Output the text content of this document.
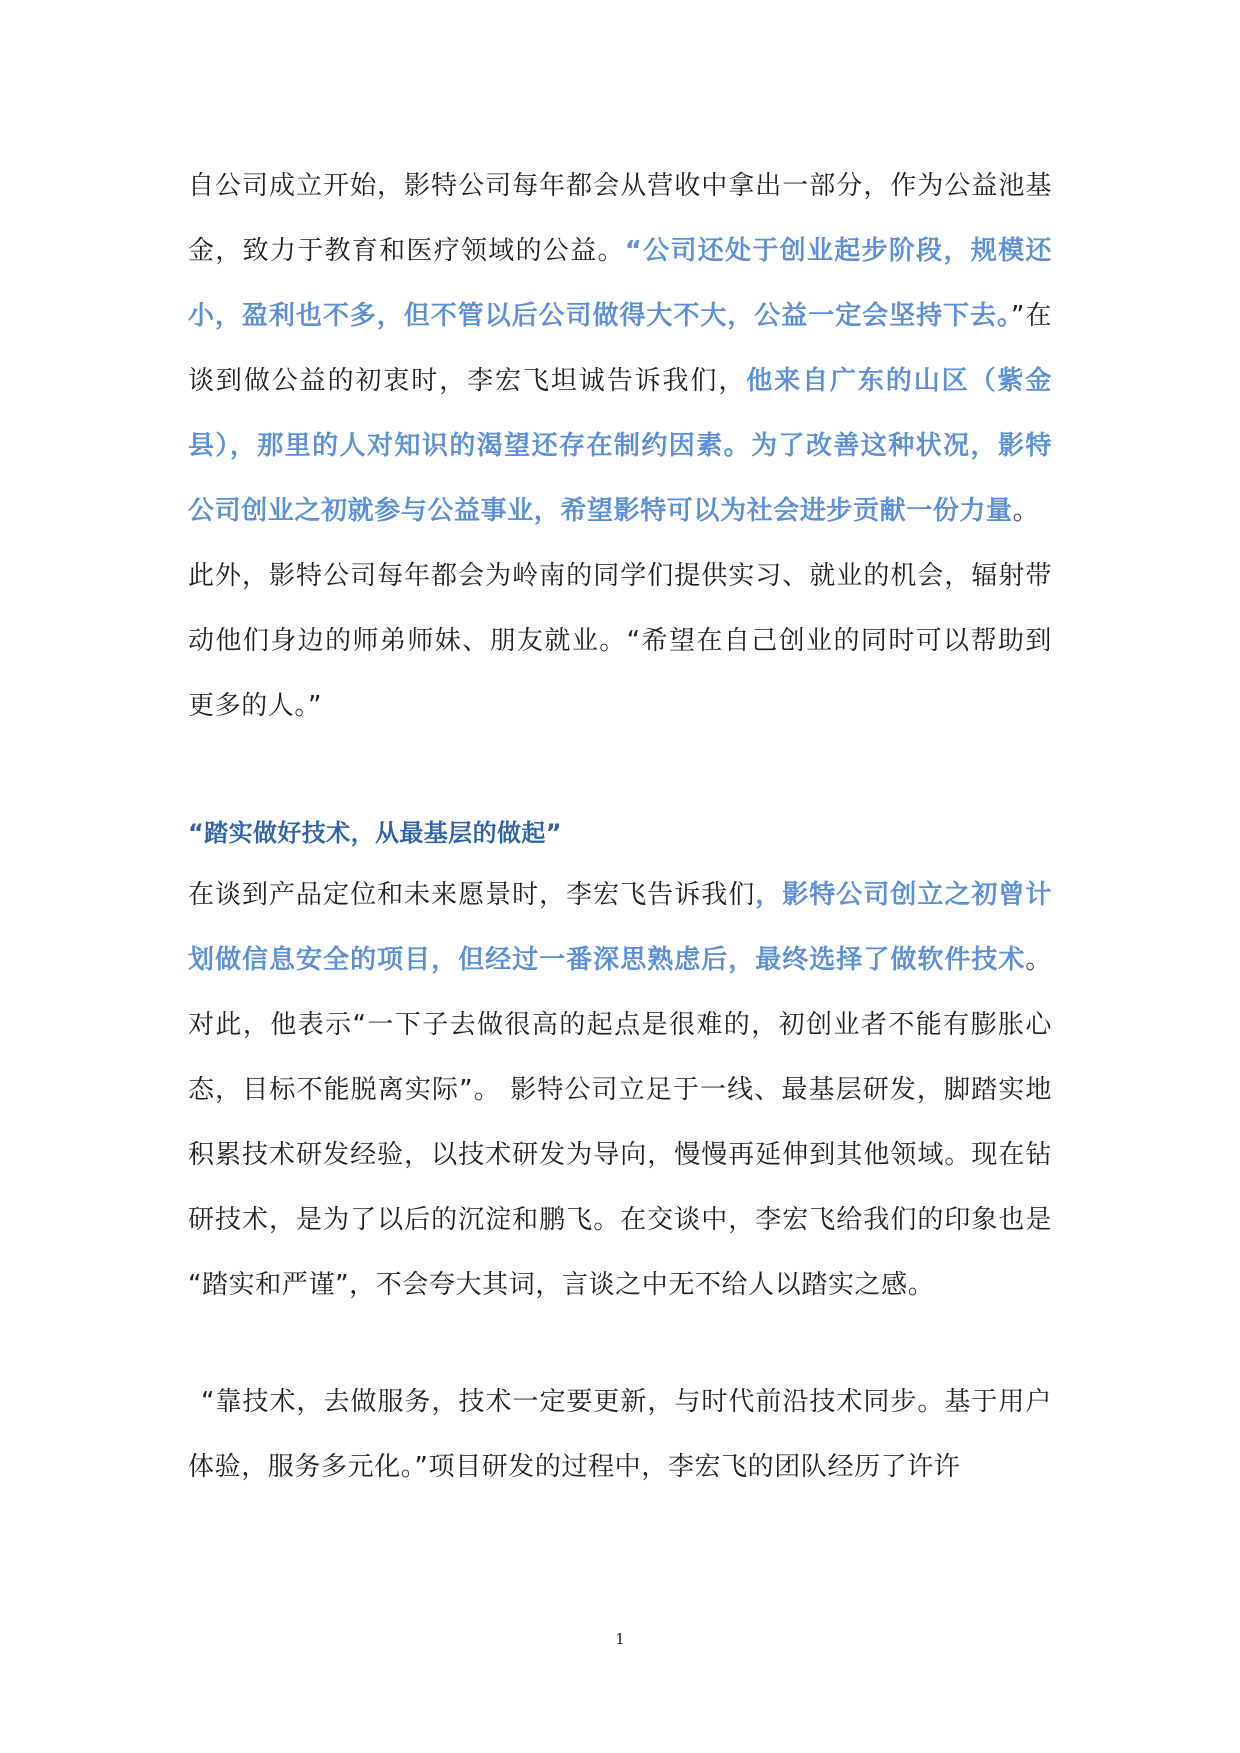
自公司成立开始，影特公司每年都会从营收中拿出一部分，作为公益池基金，致力于教育和医疗领域的公益。“公司还处于创业起步阶段，规模还小，盈利也不多，但不管以后公司做得大不大，公益一定会坚持下去。”在谈到做公益的初衷时，李宏飞坦诚告诉我们，他来自广东的山区（紫金县），那里的人对知识的渴望还存在制约因素。为了改善这种状况，影特公司创业之初就参与公益事业，希望影特可以为社会进步贡献一份力量。

此外，影特公司每年都会为岭南的同学们提供实习、就业的机会，辐射带动他们身边的师弟师妹、朋友就业。“希望在自己创业的同时可以帮助到更多的人。”

“踏实做好技术，从最基层的做起”

在谈到产品定位和未来愿景时，李宏飞告诉我们，影特公司创立之初曾计划做信息安全的项目，但经过一番深思熟虑后，最终选择了做软件技术。对此，他表示“一下子去做很高的起点是很难的，初创业者不能有膨胀心态，目标不能脱离实际”。 影特公司立足于一线、最基层研发，脚踏实地积累技术研发经验，以技术研发为导向，慢慢再延伸到其他领域。现在钻研技术，是为了以后的沉淀和鹏飞。在交谈中，李宏飞给我们的印象也是 “踏实和严谨”，不会夸大其词，言谈之中无不给人以踏实之感。

“靠技术，去做服务，技术一定要更新，与时代前沿技术同步。基于用户体验，服务多元化。”项目研发的过程中，李宏飞的团队经历了许许

1
